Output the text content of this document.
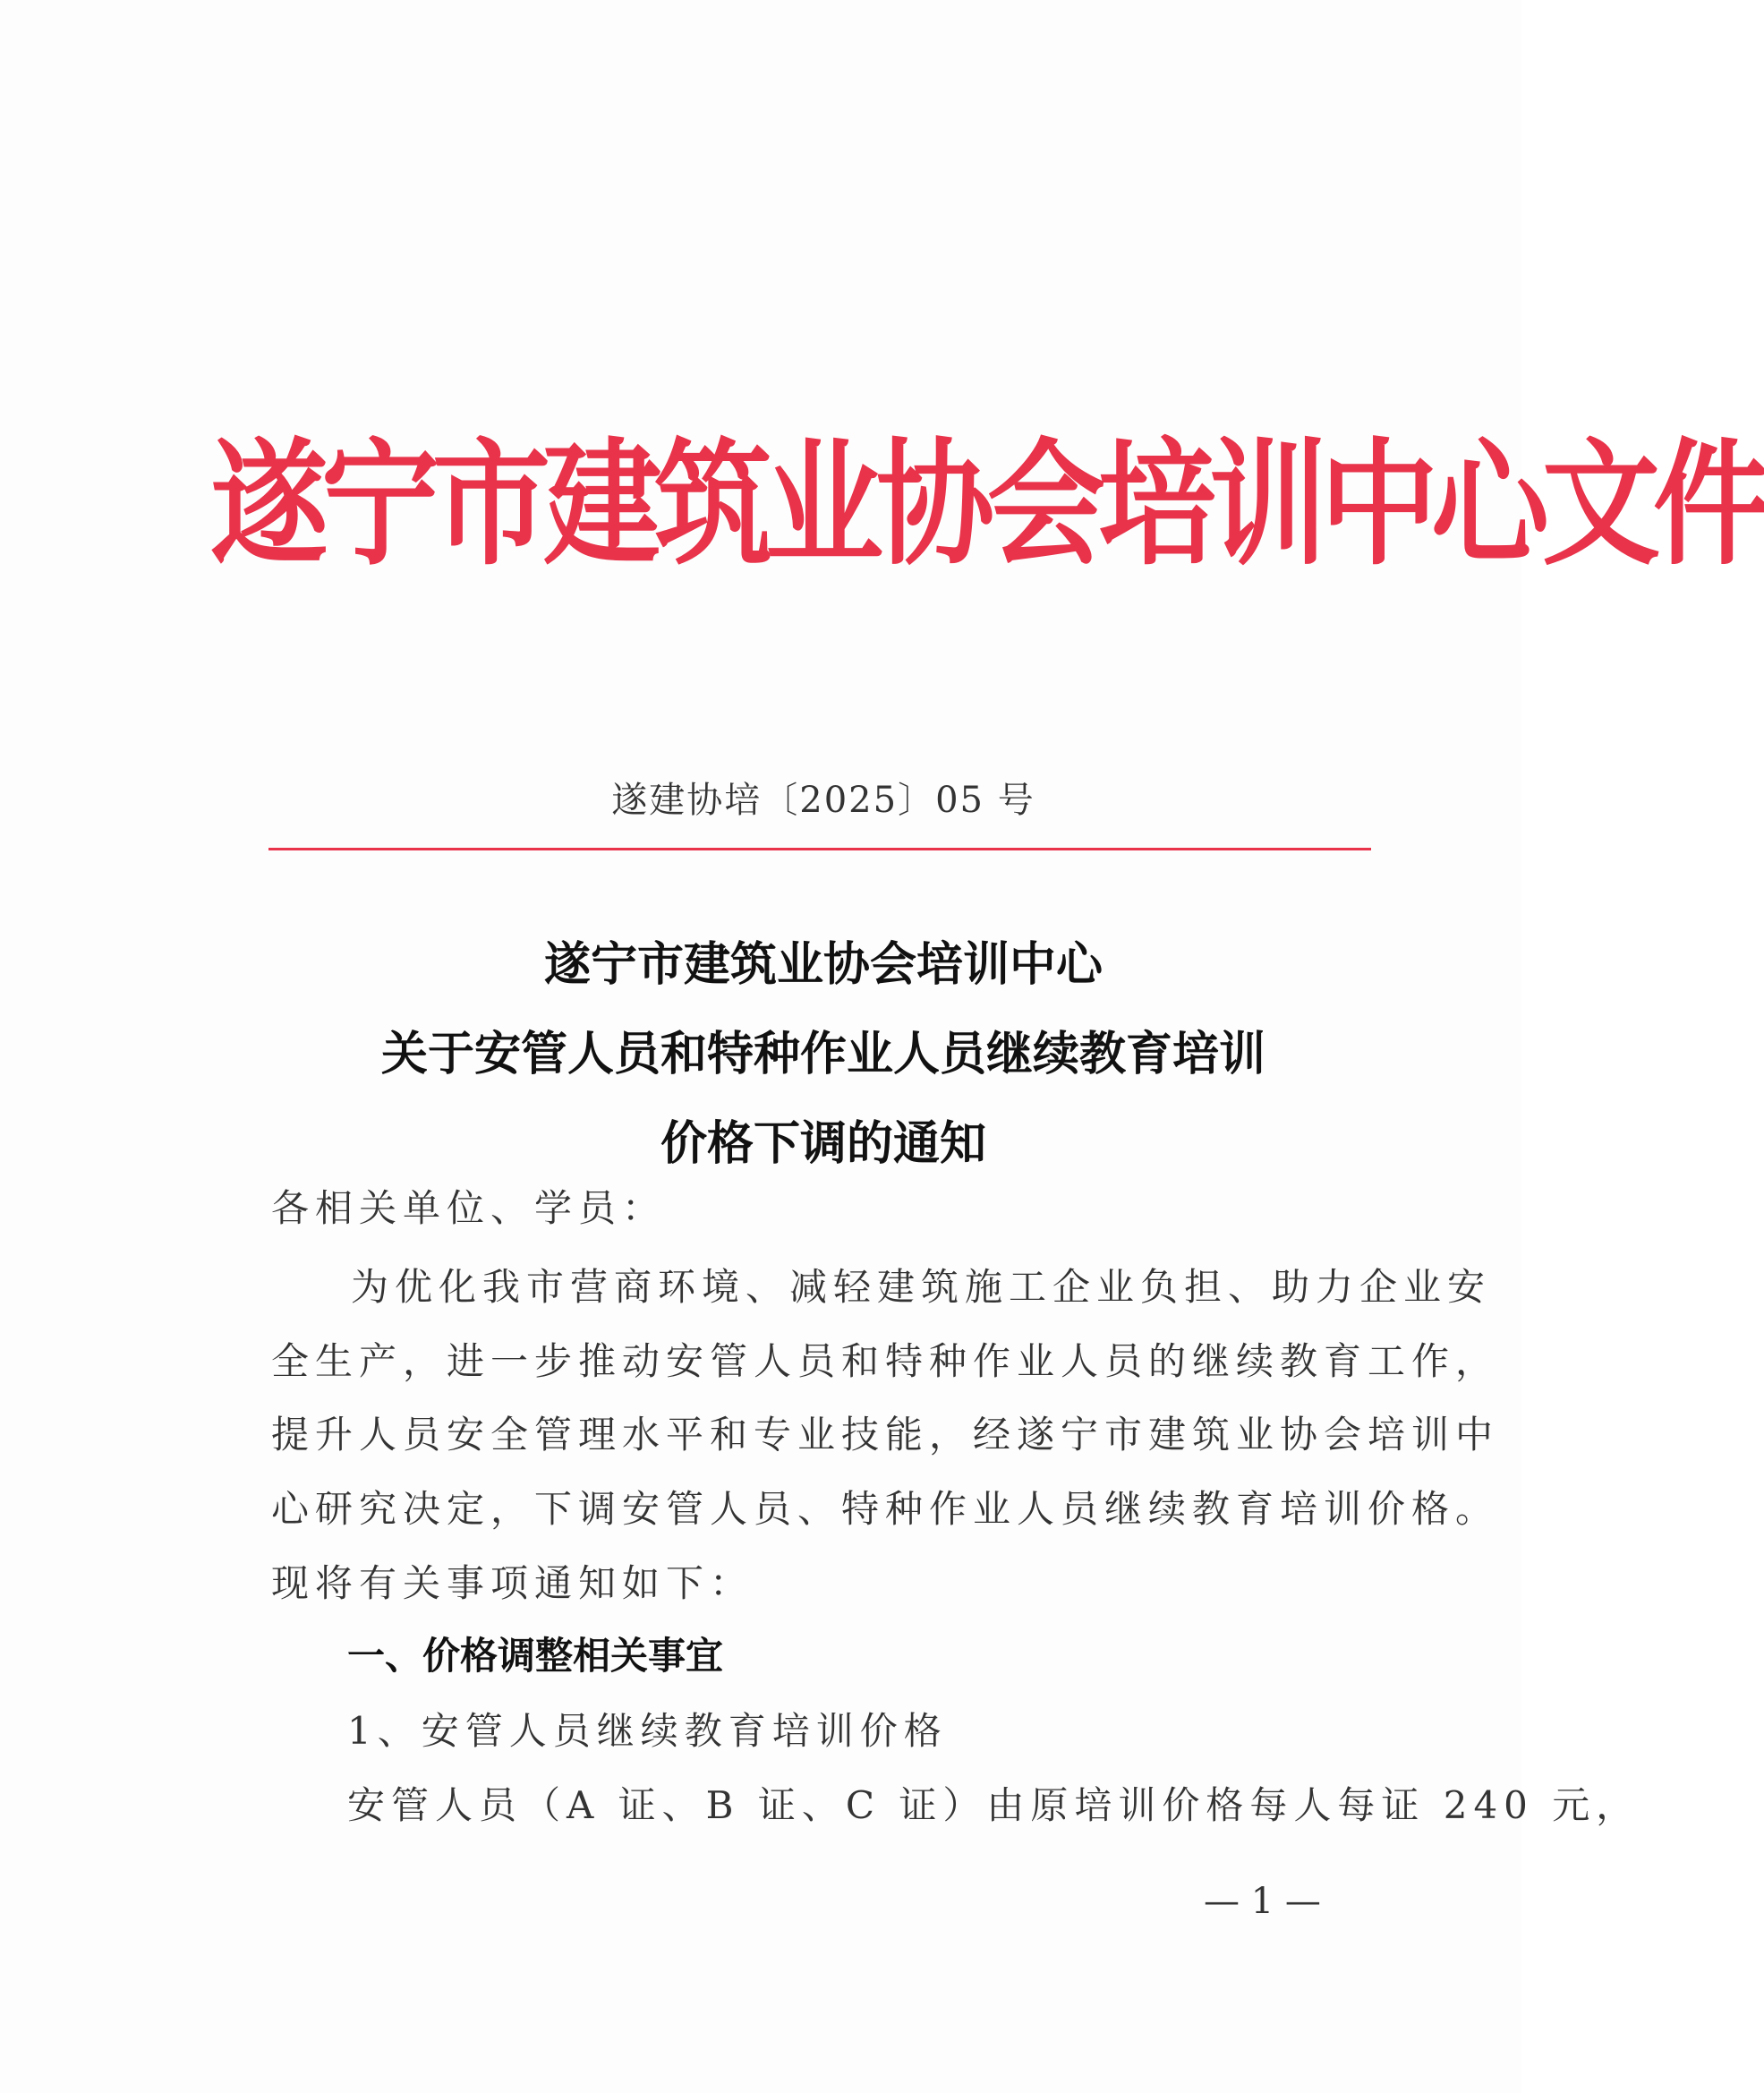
遂宁市建筑业协会培训中心文件
遂建协培〔2025〕05 号
遂宁市建筑业协会培训中心
关于安管人员和特种作业人员继续教育培训
价格下调的通知
各相关单位、学员：
为优化我市营商环境、减轻建筑施工企业负担、助力企业安
全生产，进一步推动安管人员和特种作业人员的继续教育工作，
提升人员安全管理水平和专业技能，经遂宁市建筑业协会培训中
心研究决定，下调安管人员、特种作业人员继续教育培训价格。
现将有关事项通知如下：
一、价格调整相关事宜
1、安管人员继续教育培训价格
安管人员（A 证、B 证、C 证）由原培训价格每人每证 240 元，
— 1 —
